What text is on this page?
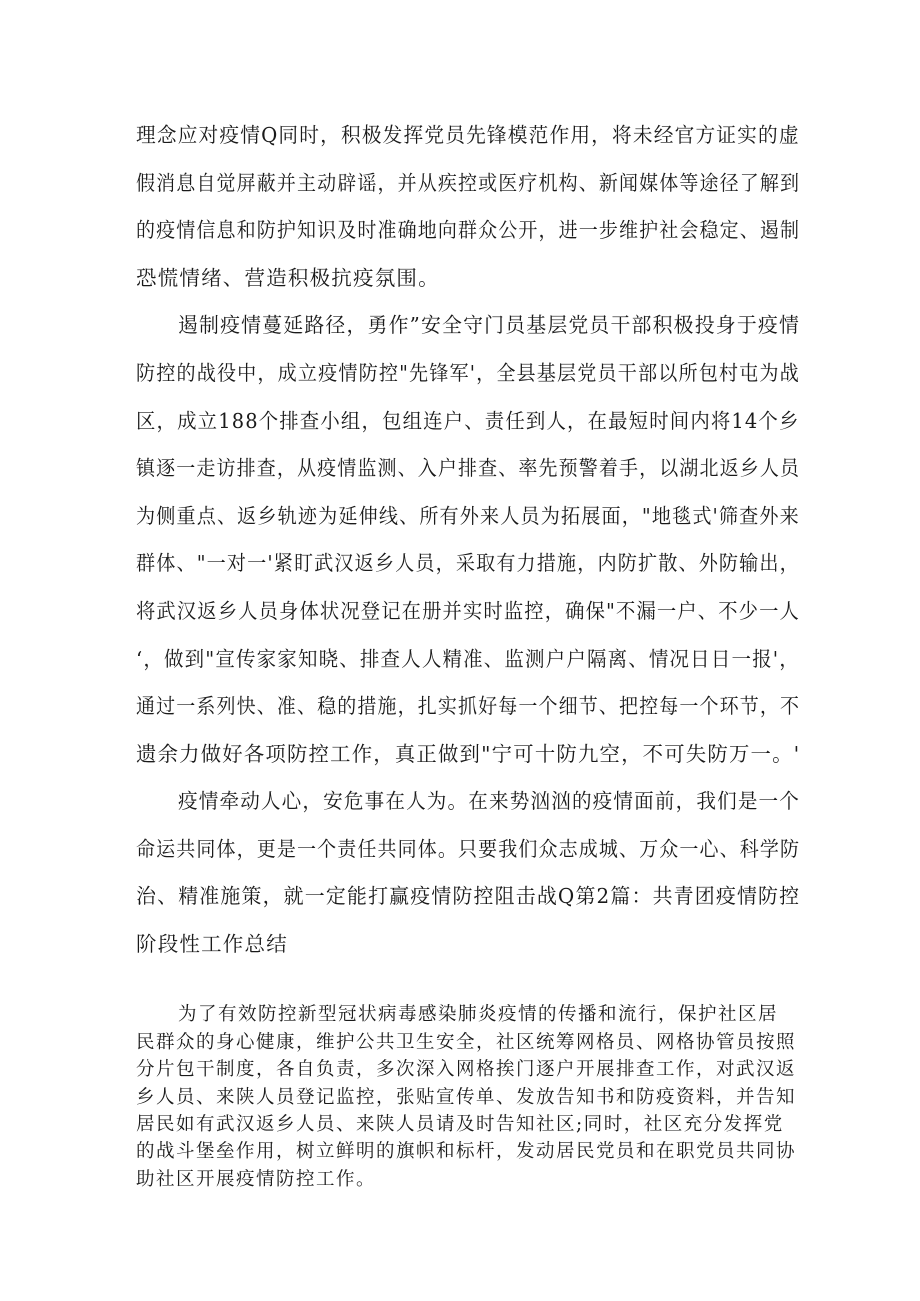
理念应对疫情Q同时，积极发挥党员先锋模范作用，将未经官方证实的虚
假消息自觉屏蔽并主动辟谣，并从疾控或医疗机构、新闻媒体等途径了解到
的疫情信息和防护知识及时准确地向群众公开，进一步维护社会稳定、遏制
恐慌情绪、营造积极抗疫氛围。
遏制疫情蔓延路径，勇作”安全守门员基层党员干部积极投身于疫情
防控的战役中，成立疫情防控"先锋军'，全县基层党员干部以所包村屯为战
区，成立188个排查小组，包组连户、责任到人，在最短时间内将14个乡
镇逐一走访排查，从疫情监测、入户排查、率先预警着手，以湖北返乡人员
为侧重点、返乡轨迹为延伸线、所有外来人员为拓展面，"地毯式'筛查外来
群体、"一对一'紧盯武汉返乡人员，采取有力措施，内防扩散、外防输出，
将武汉返乡人员身体状况登记在册并实时监控，确保"不漏一户、不少一人
‘，做到"宣传家家知晓、排查人人精准、监测户户隔离、情况日日一报'，
通过一系列快、准、稳的措施，扎实抓好每一个细节、把控每一个环节，不
遗余力做好各项防控工作，真正做到"宁可十防九空，不可失防万一。'
疫情牵动人心，安危事在人为。在来势汹汹的疫情面前，我们是一个
命运共同体，更是一个责任共同体。只要我们众志成城、万众一心、科学防
治、精准施策，就一定能打赢疫情防控阻击战Q第2篇：共青团疫情防控
阶段性工作总结
为了有效防控新型冠状病毒感染肺炎疫情的传播和流行，保护社区居
民群众的身心健康，维护公共卫生安全，社区统筹网格员、网格协管员按照
分片包干制度，各自负责，多次深入网格挨门逐户开展排查工作，对武汉返
乡人员、来陕人员登记监控，张贴宣传单、发放告知书和防疫资料，并告知
居民如有武汉返乡人员、来陕人员请及时告知社区;同时，社区充分发挥党
的战斗堡垒作用，树立鲜明的旗帜和标杆，发动居民党员和在职党员共同协
助社区开展疫情防控工作。
